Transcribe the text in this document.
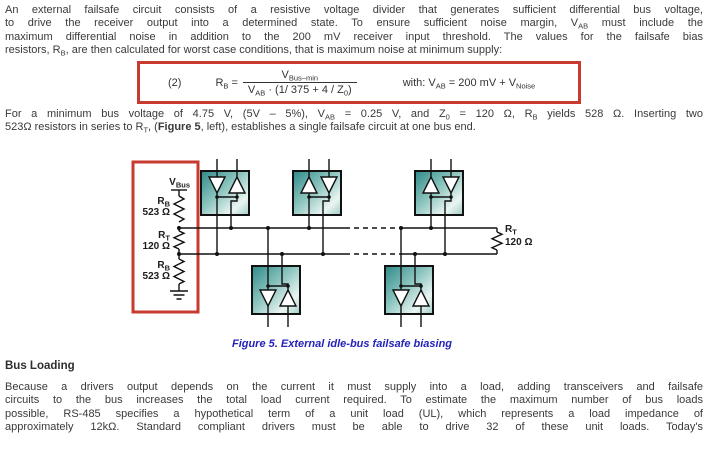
An external failsafe circuit consists of a resistive voltage divider that generates sufficient differential bus voltage,
to drive the receiver output into a determined state. To ensure sufficient noise margin, $V_{AB}$ must include the
maximum differential noise in addition to the 200 mV receiver input threshold. The values for the failsafe bias
resistors, $R_B$, are then calculated for worst case conditions, that is maximum noise at minimum supply:
(2)	$R_B = \frac{V_{Bus-min}}{V_{AB} \cdot (1/ 375 + 4 / Z_0)}$	with: $V_{AB} = 200$ mV + $V_{Noise}$
For a minimum bus voltage of 4.75 V, (5V – 5%), $V_{AB} = 0.25$ V, and $Z_0 = 120$ Ω, $R_B$ yields 528 Ω. Inserting two
523Ω resistors in series to $R_T$, (Figure 5, left), establishes a single failsafe circuit at one bus end.
$V_{Bus}$
$R_B$
523 Ω
$R_T$
120 Ω
$R_B$
523 Ω
$R_T$
120 Ω
Figure 5. External idle-bus failsafe biasing
Bus Loading
Because a drivers output depends on the current it must supply into a load, adding transceivers and failsafe
circuits to the bus increases the total load current required. To estimate the maximum number of bus loads
possible, RS-485 specifies a hypothetical term of a unit load (UL), which represents a load impedance of
approximately 12kΩ. Standard compliant drivers must be able to drive 32 of these unit loads. Today's
